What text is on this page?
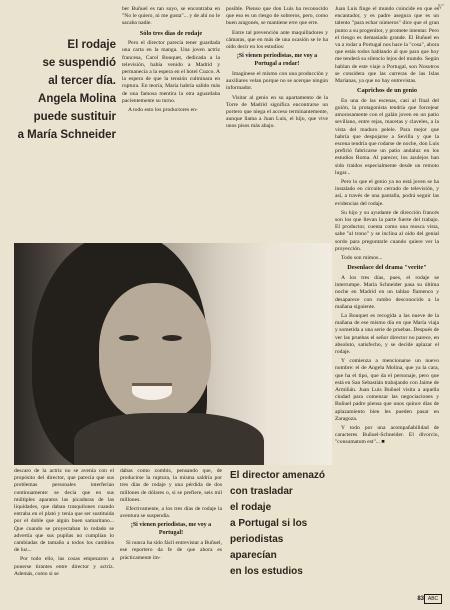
Nº
El rodaje
se suspendió
al tercer día.
Angela Molina
puede sustituir
a María Schneider

ber Buñuel es tan suyo, se encontraba en "No le quiero, ni me gusta"... y de ahí no le sacaba nadie.

Sólo tres días de rodaje

Pero el director parecía tener guardada una carta en la manga. Una joven actriz francesa, Carol Bouquet, dedicada a la televisión, había venido a Madrid y permanecía a la espera en el hotel Cuzco. A la espera de que la tensión culminara en ruptura. En teoría, María habría salido más de una famosa mentira la otra aguardaba pacientemente su turno.

A todo esto los productores en-

posible. Pienso que don Luis ha reconocido que eso es un riesgo de sobreros, pero, como buen aragonés, se mantiene erre que erre.

Entre tal prevención ante maquilladores y cámaras, que en más de una ocasión se le ha oído decir en los estudios:

¡Si vienen periodistas, me voy a Portugal a rodar!

Imagínese el mismo con una producción y auxiliares velan porque no se acerque ningún informador.

Visitar al genio en su apartamento de la Torre de Madrid significa encontrarse un portero que niega el acceso terminantemente, aunque llama a Juan Luis, el hijo, que vive unos pisos más abajo.

Juan Luis finge el mundo coincide en que es encantador, y es padre asegura que es un talento "para echar números" dice que el gran punto a su progenitor, y promete intentar. Pero el riesgo es demasiado grande. El Buñuel en va a rodar a Portugal nos hace la "cosa", ahora que estás todos hablando al que para que hoy me tenderá su silencio lejos del mundo. Según hablan de este viaje a Portugal, son Nosotros se considera que las carreras de las Islas Marianas, ya que no hay entrevistas.

Caprichos de un genio

En una de las escenas, casi al final del guión, la protagonista tendría que forcejear amorosamente con el galán joven en un patio sevillano, entre rejas, macetas y claveles, a la vista del maduro pelele. Para mejor que habría que despojarse a Sevilla y que la escena tendría que rodarse de noche, don Luis prefirió fabricarse un patio andaluz en los estudios Roma. Al parecer, los azulejos han sido traídos especialmente desde un remoto lugar...

Pero lo que el genio ya no está joven se ha instalado en circuito cerrado de televisión, y así, a través de una pantalla, podrá seguir las evidencias del rodaje.

Su hijo y su ayudante de dirección francés son los que llevan la parte fuerte del trabajo. El productor, cuenta como una mosca vista, sabe "al trono" y se inclina al oído del genial sordo para preguntarle cuando quiere ver la proyección.

Todo son mimos...

Desenlace del drama "verite"

A los tres días, pues, el rodaje se interrumpe. María Schneider pasa su última noche en Madrid en un tablao flamenco y desaparece con rumbo desconocido a la mañana siguiente.

La Bouquet es recogida a las nueve de la mañana de ese mismo día en que María viaja y sometida a una serie de pruebas. Después de ver las pruebas el señor director no parece, en absoluto, satisfecho, y se decide aplazar el rodaje.

Y comienza a mencionarse un nuevo nombre: el de Angela Molina, que ya la cara, que ha el tipo, que da el personaje, pero que está en San Sebastián trabajando con Jaime de Armiñán. Juan Luis Buñuel visita a aquella ciudad para comenzar las negociaciones y Buñuel padre piensa que unos quince días de aplazamiento bien les pueden pasar en Zaragoza.

Y todo por una acompañabilidad de caracteres Buñuel-Schneider. El divorcio, "consumatum est"... ■

descaro de la actriz no se avenía con el propósito del director, que parecía que sus problemas personales interferían continuamente: se decía que en sus múltiples aparatos las picaduras de las liquidades, que daban trasquilones cuando entraba en el plató y tenía que ser sustituida por el doble que algún buen samaritano... Que cuando se proyectaban lo rodado se advertía que sus pupilas no cumplían lo cambiadas de tamaño a todos los cambios de luz...

Por todo ello, las cosas empezaron a ponerse tirantes entre director y actriz. Además, como si se

dabas como zombis, pensando que, de producirse la ruptura, la misma saldría por tres días de rodaje y una pérdida de dos millones de dólares o, si se prefiere, seis mil millones.

Efectivamente, a los tres días de rodaje la aventura se suspendía.

¡Si vienen periodistas, me voy a Portugal!

Si nunca ha sido fácil entrevistar a Buñuel, ese reportero da fe de que ahora es prácticamente im-

El director amenazó
con trasladar
el rodaje
a Portugal si los
periodistas
aparecían
en los estudios
83 ABC
